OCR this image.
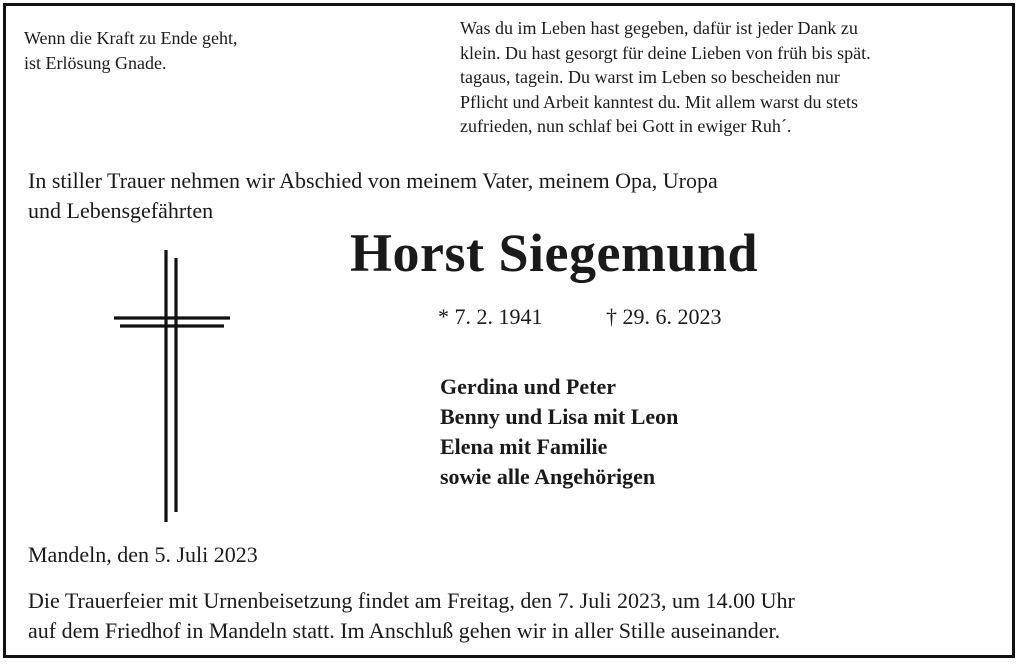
Wenn die Kraft zu Ende geht,
ist Erlösung Gnade.
Was du im Leben hast gegeben, dafür ist jeder Dank zu
klein. Du hast gesorgt für deine Lieben von früh bis spät.
tagaus, tagein. Du warst im Leben so bescheiden nur
Pflicht und Arbeit kanntest du. Mit allem warst du stets
zufrieden, nun schlaf bei Gott in ewiger Ruh´.
In stiller Trauer nehmen wir Abschied von meinem Vater, meinem Opa, Uropa
und Lebensgefährten
Horst Siegemund
* 7. 2. 1941	† 29. 6. 2023
Gerdina und Peter
Benny und Lisa mit Leon
Elena mit Familie
sowie alle Angehörigen
Mandeln, den 5. Juli 2023
Die Trauerfeier mit Urnenbeisetzung findet am Freitag, den 7. Juli 2023, um 14.00 Uhr
auf dem Friedhof in Mandeln statt. Im Anschluß gehen wir in aller Stille auseinander.
